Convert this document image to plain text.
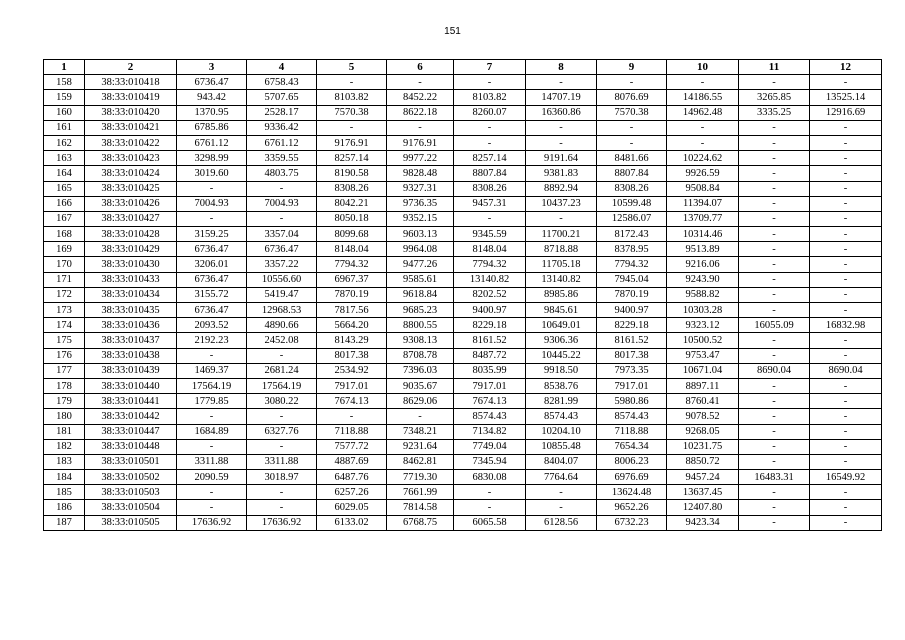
151
1	2	3	4	5	6	7	8	9	10	11	12
158	38:33:010418	6736.47	6758.43	-	-	-	-	-	-	-	-
159	38:33:010419	943.42	5707.65	8103.82	8452.22	8103.82	14707.19	8076.69	14186.55	3265.85	13525.14
160	38:33:010420	1370.95	2528.17	7570.38	8622.18	8260.07	16360.86	7570.38	14962.48	3335.25	12916.69
161	38:33:010421	6785.86	9336.42	-	-	-	-	-	-	-	-
162	38:33:010422	6761.12	6761.12	9176.91	9176.91	-	-	-	-	-	-
163	38:33:010423	3298.99	3359.55	8257.14	9977.22	8257.14	9191.64	8481.66	10224.62	-	-
164	38:33:010424	3019.60	4803.75	8190.58	9828.48	8807.84	9381.83	8807.84	9926.59	-	-
165	38:33:010425	-	-	8308.26	9327.31	8308.26	8892.94	8308.26	9508.84	-	-
166	38:33:010426	7004.93	7004.93	8042.21	9736.35	9457.31	10437.23	10599.48	11394.07	-	-
167	38:33:010427	-	-	8050.18	9352.15	-	-	12586.07	13709.77	-	-
168	38:33:010428	3159.25	3357.04	8099.68	9603.13	9345.59	11700.21	8172.43	10314.46	-	-
169	38:33:010429	6736.47	6736.47	8148.04	9964.08	8148.04	8718.88	8378.95	9513.89	-	-
170	38:33:010430	3206.01	3357.22	7794.32	9477.26	7794.32	11705.18	7794.32	9216.06	-	-
171	38:33:010433	6736.47	10556.60	6967.37	9585.61	13140.82	13140.82	7945.04	9243.90	-	-
172	38:33:010434	3155.72	5419.47	7870.19	9618.84	8202.52	8985.86	7870.19	9588.82	-	-
173	38:33:010435	6736.47	12968.53	7817.56	9685.23	9400.97	9845.61	9400.97	10303.28	-	-
174	38:33:010436	2093.52	4890.66	5664.20	8800.55	8229.18	10649.01	8229.18	9323.12	16055.09	16832.98
175	38:33:010437	2192.23	2452.08	8143.29	9308.13	8161.52	9306.36	8161.52	10500.52	-	-
176	38:33:010438	-	-	8017.38	8708.78	8487.72	10445.22	8017.38	9753.47	-	-
177	38:33:010439	1469.37	2681.24	2534.92	7396.03	8035.99	9918.50	7973.35	10671.04	8690.04	8690.04
178	38:33:010440	17564.19	17564.19	7917.01	9035.67	7917.01	8538.76	7917.01	8897.11	-	-
179	38:33:010441	1779.85	3080.22	7674.13	8629.06	7674.13	8281.99	5980.86	8760.41	-	-
180	38:33:010442	-	-	-	-	8574.43	8574.43	8574.43	9078.52	-	-
181	38:33:010447	1684.89	6327.76	7118.88	7348.21	7134.82	10204.10	7118.88	9268.05	-	-
182	38:33:010448	-	-	7577.72	9231.64	7749.04	10855.48	7654.34	10231.75	-	-
183	38:33:010501	3311.88	3311.88	4887.69	8462.81	7345.94	8404.07	8006.23	8850.72	-	-
184	38:33:010502	2090.59	3018.97	6487.76	7719.30	6830.08	7764.64	6976.69	9457.24	16483.31	16549.92
185	38:33:010503	-	-	6257.26	7661.99	-	-	13624.48	13637.45	-	-
186	38:33:010504	-	-	6029.05	7814.58	-	-	9652.26	12407.80	-	-
187	38:33:010505	17636.92	17636.92	6133.02	6768.75	6065.58	6128.56	6732.23	9423.34	-	-
